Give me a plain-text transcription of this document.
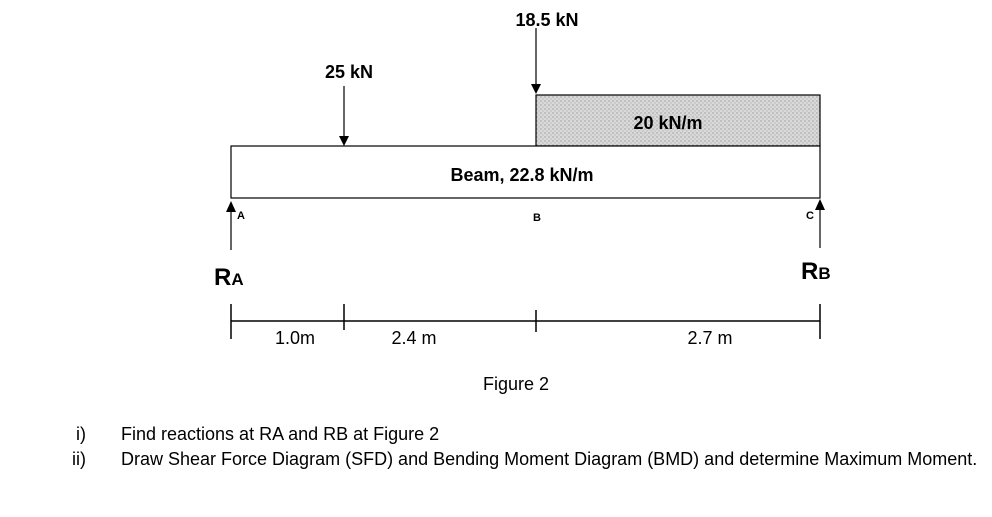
20 kN/m
Beam, 22.8 kN/m
25 kN
18.5 kN
A	B	C
RA	RB
1.0m	2.4 m	2.7 m
Figure 2
i) Find reactions at RA and RB at Figure 2
ii) Draw Shear Force Diagram (SFD) and Bending Moment Diagram (BMD) and determine Maximum Moment.
